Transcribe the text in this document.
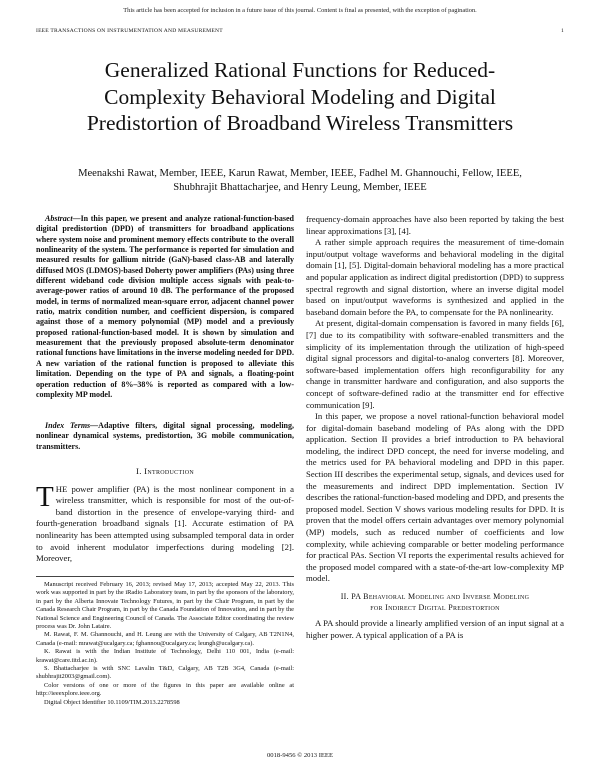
This article has been accepted for inclusion in a future issue of this journal. Content is final as presented, with the exception of pagination.
IEEE TRANSACTIONS ON INSTRUMENTATION AND MEASUREMENT	1
Generalized Rational Functions for Reduced-Complexity Behavioral Modeling and Digital Predistortion of Broadband Wireless Transmitters
Meenakshi Rawat, Member, IEEE, Karun Rawat, Member, IEEE, Fadhel M. Ghannouchi, Fellow, IEEE,
Shubhrajit Bhattacharjee, and Henry Leung, Member, IEEE

Abstract—In this paper, we present and analyze rational-function-based digital predistortion (DPD) of transmitters for broadband applications where system noise and prominent memory effects contribute to the overall nonlinearity of the system. The performance is reported for simulation and measured results for gallium nitride (GaN)-based class-AB and laterally diffused MOS (LDMOS)-based Doherty power amplifiers (PAs) using three different wideband code division multiple access signals with peak-to-average-power ratios of around 10 dB. The performance of the proposed model, in terms of normalized mean-square error, adjacent channel power ratio, matrix condition number, and coefficient dispersion, is compared against those of a memory polynomial (MP) model and a previously proposed rational-function-based model. It is shown by simulation and measurement that the previously proposed absolute-term denominator rational functions have limitations in the inverse modeling needed for DPD. A new variation of the rational function is proposed to alleviate this limitation. Depending on the type of PA and signals, a floating-point operation reduction of 8%–38% is reported as compared with a low-complexity MP model.

Index Terms—Adaptive filters, digital signal processing, modeling, nonlinear dynamical systems, predistortion, 3G mobile communication, transmitters.
I. Introduction

THE power amplifier (PA) is the most nonlinear component in a wireless transmitter, which is responsible for most of the out-of-band distortion in the presence of envelope-varying third- and fourth-generation broadband signals [1]. Accurate estimation of PA nonlinearity has been attempted using subsampled temporal data in order to avoid inherent modulator imperfections during modeling [2]. Moreover,

Manuscript received February 16, 2013; revised May 17, 2013; accepted May 22, 2013. This work was supported in part by the iRadio Laboratory team, in part by the sponsors of the laboratory, in part by the Alberta Innovate Technology Futures, in part by the Chair Program, in part by the Canada Research Chair Program, in part by the Canada Foundation of Innovation, and in part by the National Science and Engineering Council of Canada. The Associate Editor coordinating the review process was Dr. John Lataire.

M. Rawat, F. M. Ghannouchi, and H. Leung are with the University of Calgary, AB T2N1N4, Canada (e-mail: mrawat@ucalgary.ca; fghannou@ucalgary.ca; leungh@ucalgary.ca).

K. Rawat is with the Indian Institute of Technology, Delhi 110 001, India (e-mail: krawat@care.iitd.ac.in).

S. Bhattacharjee is with SNC Lavalin T&D, Calgary, AB T2B 3G4, Canada (e-mail: shubhrajit2003@gmail.com).

Color versions of one or more of the figures in this paper are available online at http://ieeexplore.ieee.org.

Digital Object Identifier 10.1109/TIM.2013.2278598

frequency-domain approaches have also been reported by taking the best linear approximations [3], [4].

A rather simple approach requires the measurement of time-domain input/output voltage waveforms and behavioral modeling in the digital domain [1], [5]. Digital-domain behavioral modeling has a more practical and popular application as indirect digital predistortion (DPD) to suppress spectral regrowth and signal distortion, where an inverse digital model based on input/output waveforms is synthesized and applied in the baseband domain before the PA, to compensate for the PA nonlinearity.

At present, digital-domain compensation is favored in many fields [6], [7] due to its compatibility with software-enabled transmitters and the simplicity of its implementation through the utilization of high-speed digital signal processors and digital-to-analog converters [8]. Moreover, software-based implementation offers high reconfigurability for any change in transmitter hardware and configuration, and also supports the concept of software-defined radio at the transmitter end for effective communication [9].

In this paper, we propose a novel rational-function behavioral model for digital-domain baseband modeling of PAs along with the DPD application. Section II provides a brief introduction to PA behavioral modeling, the indirect DPD concept, the need for inverse modeling, and the metrics used for PA behavioral modeling and DPD in this paper. Section III describes the experimental setup, signals, and devices used for the measurements and indirect DPD implementation. Section IV describes the rational-function-based modeling and DPD, and presents the proposed model. Section V shows various modeling results for DPD. It is proven that the model offers certain advantages over memory polynomial (MP) models, such as reduced number of coefficients and low complexity, while achieving comparable or better modeling performance for practical PAs. Section VI reports the experimental results achieved for the proposed model compared with a state-of-the-art low-complexity MP model.

II. PA Behavioral Modeling and Inverse Modeling
for Indirect Digital Predistortion

A PA should provide a linearly amplified version of an input signal at a higher power. A typical application of a PA is

0018-9456 © 2013 IEEE
